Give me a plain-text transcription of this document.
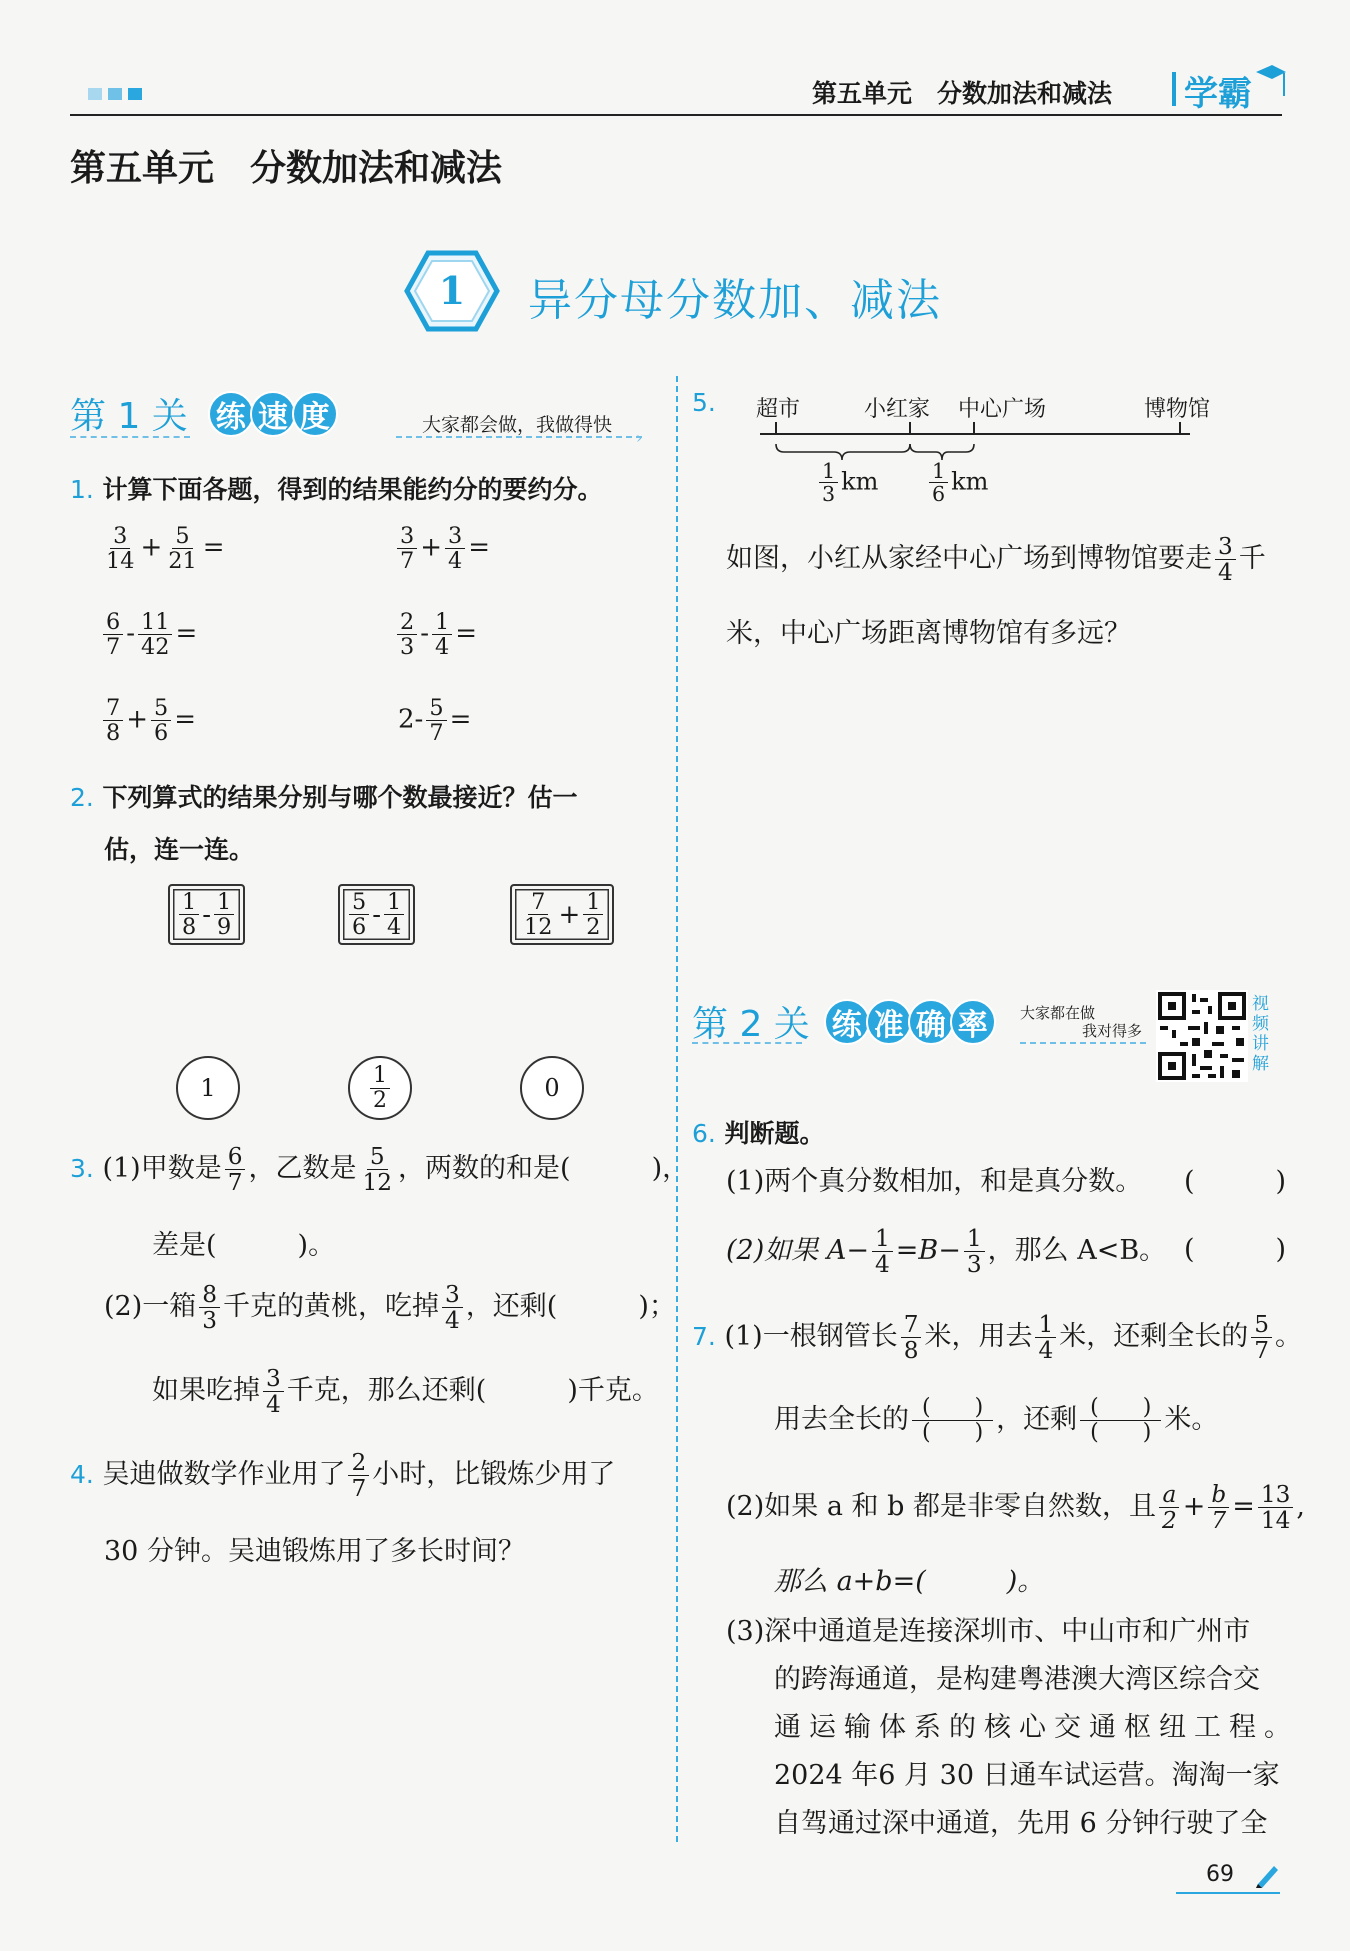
第五单元　分数加法和减法 学霸
第五单元　分数加法和减法
1	异分母分数加、减法
第 1 关 练 速 度	大家都会做，我做得快
›
1. 计算下面各题，得到的结果能约分的要约分。
$\frac{3}{14} + \frac{5}{21}$ =	$\frac{3}{7} + \frac{3}{4}$ =
$\frac{6}{7} - \frac{11}{42}$ =	$\frac{2}{3} - \frac{1}{4}$ =
$\frac{7}{8} + \frac{5}{6}$ =	$2- \frac{5}{7}$ =
2. 下列算式的结果分别与哪个数最接近？估一
估，连一连。
$\frac{1}{8} - \frac{1}{9}$	$\frac{5}{6} - \frac{1}{4}$	$\frac{7}{12} + \frac{1}{2}$
1	$\frac{1}{2}$	0
3. (1)甲数是 $\frac{6}{7}$ ，乙数是 $\frac{5}{12}$ ，两数的和是(　　　)，
差是(　　　)。
(2)一箱 $\frac{8}{3}$ 千克的黄桃，吃掉 $\frac{3}{4}$ ，还剩(　　　)；
如果吃掉 $\frac{3}{4}$ 千克，那么还剩(　　　)千克。
4. 吴迪做数学作业用了 $\frac{2}{7}$ 小时，比锻炼少用了
30 分钟。吴迪锻炼用了多长时间？
5. 超市	小红家 中心广场	博物馆
$\frac{1}{3}$ km $\frac{1}{6}$ km
如图，小红从家经中心广场到博物馆要走 $\frac{3}{4}$ 千
米，中心广场距离博物馆有多远？
第 2 关 练 准 确 率	大家都在做
我对得多
视频讲解
6. 判断题。
(1)两个真分数相加，和是真分数。 (　　　)
(2)如果 $A- \frac{1}{4} =B- \frac{1}{3}$ ，那么 A<B。 (　　　)
7. (1)一根钢管长 $\frac{7}{8}$ 米，用去 $\frac{1}{4}$ 米，还剩全长的 $\frac{5}{7}$ 。
用去全长的 $\frac{( )}{( )}$ ，还剩 $\frac{( )}{( )}$ 米。
(2)如果 a 和 b 都是非零自然数，且 $\frac{a}{2} + \frac{b}{7} = \frac{13}{14}$ ,
那么 a+b=(　　　)。
(3)深中通道是连接深圳市、中山市和广州市
的跨海通道，是构建粤港澳大湾区综合交
通运输体系的核心交通枢纽工程。
2024 年6 月 30 日通车试运营。淘淘一家
自驾通过深中通道，先用 6 分钟行驶了全
69
